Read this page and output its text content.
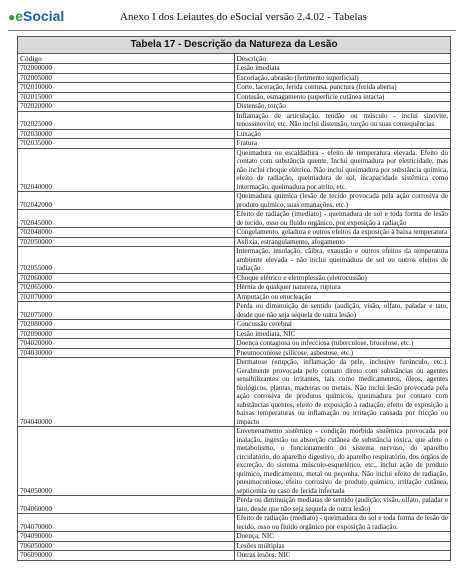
●eSocial	Anexo I dos Leiautes do eSocial versão 2.4.02 - Tabelas
Tabela 17 - Descrição da Natureza da Lesão	
Código	Descrição
702000000	Lesão imediata
702005000	Escoriação, abrasão (ferimento superficial)
702010000	Corte, laceração, ferida contusa, punctura (ferida aberta)
702015000	Contusão, esmagamento (superfície cutânea intacta)
702020000	Distensão, torção
702025000	Inflamação de articulação, tendão ou músculo - inclui sinovite, tenossinovite, etc. Não inclui distensão, torção ou suas consequências
702030000	Luxação
702035000	Fratura
702040000	Queimadura ou escaldadura - efeito de temperatura elevada. Efeito do contato com substância quente. Inclui queimadura por eletricidade, mas não inclui choque elétrico. Não inclui queimadura por substância química, efeito de radiação, queimadura de sol, incapacidade sistêmica como intermação, queimadura por atrito, etc.
702042000	Queimadura química (lesão de tecido provocada pela ação corrosiva de produto químico, suas emanações, etc.)
702045000	Efeito de radiação (imediato) - queimadura de sol e toda forma de lesão de tecido, osso ou fluido orgânico, por exposição à radiação
702048000	Congelamento, geladura e outros efeitos da exposição à baixa temperatura
702050000	Asfixia, estrangulamento, afogamento
702055000	Intermação, insolação, cãibra, exaustão e outros efeitos da temperatura ambiente elevada - não inclui queimadura de sol ou outros efeitos de radiação
702060000	Choque elétrico e eletroplessão (eletrocussão)
702065000	Hérnia de qualquer natureza, ruptura
702070000	Amputação ou enucleação
702075000	Perda ou diminuição de sentido (audição, visão, olfato, paladar e tato, desde que não seja sequela de outra lesão)
702080000	Concussão cerebral
702090000	Lesão imediata, NIC
704020000	Doença contagiosa ou infecciosa (tuberculose, brucelose, etc.)
704030000	Pneumoconiose (silicose, asbestose, etc.)
704040000	Dermatose (erupção, inflamação da pele, inclusive furúnculo, etc.). Geralmente provocada pelo contato direto com substâncias ou agentes sensibilizantes ou irritantes, tais como medicamentos, óleos, agentes biológicos, plantas, madeiras ou metais. Não inclui lesão provocada pela ação corrosiva de produtos químicos, queimadura por contato com substâncias quentes, efeito de exposição à radiação, efeito de exposição a baixas temperaturas ou inflamação ou irritação causada por fricção ou impacto
704050000	Envenenamento sistêmico - condição mórbida sistêmica provocada por inalação, ingestão ou absorção cutânea de substância tóxica, que afete o metabolismo, o funcionamento do sistema nervoso, do aparelho circulatório, do aparelho digestivo, do aparelho respiratório, dos órgãos de excreção, do sistema músculo-esquelético, etc., inclui ação de produto químico, medicamento, metal ou peçonha. Não inclui efeito de radiação, pneumoconiose, efeito corrosivo de produto químico, irritação cutânea, septicemia ou caso de ferida infectada
704060000	Perda ou diminuição mediatas de sentido (audição, visão, olfato, paladar e tato, desde que não seja sequela de outra lesão)
704070000	Efeito de radiação (mediato) - queimadura do sol e toda forma de lesão de tecido, osso ou fluido orgânico por exposição à radiação.
704090000	Doença, NIC
706050000	Lesões múltiplas
706090000	Outras lesões, NIC
